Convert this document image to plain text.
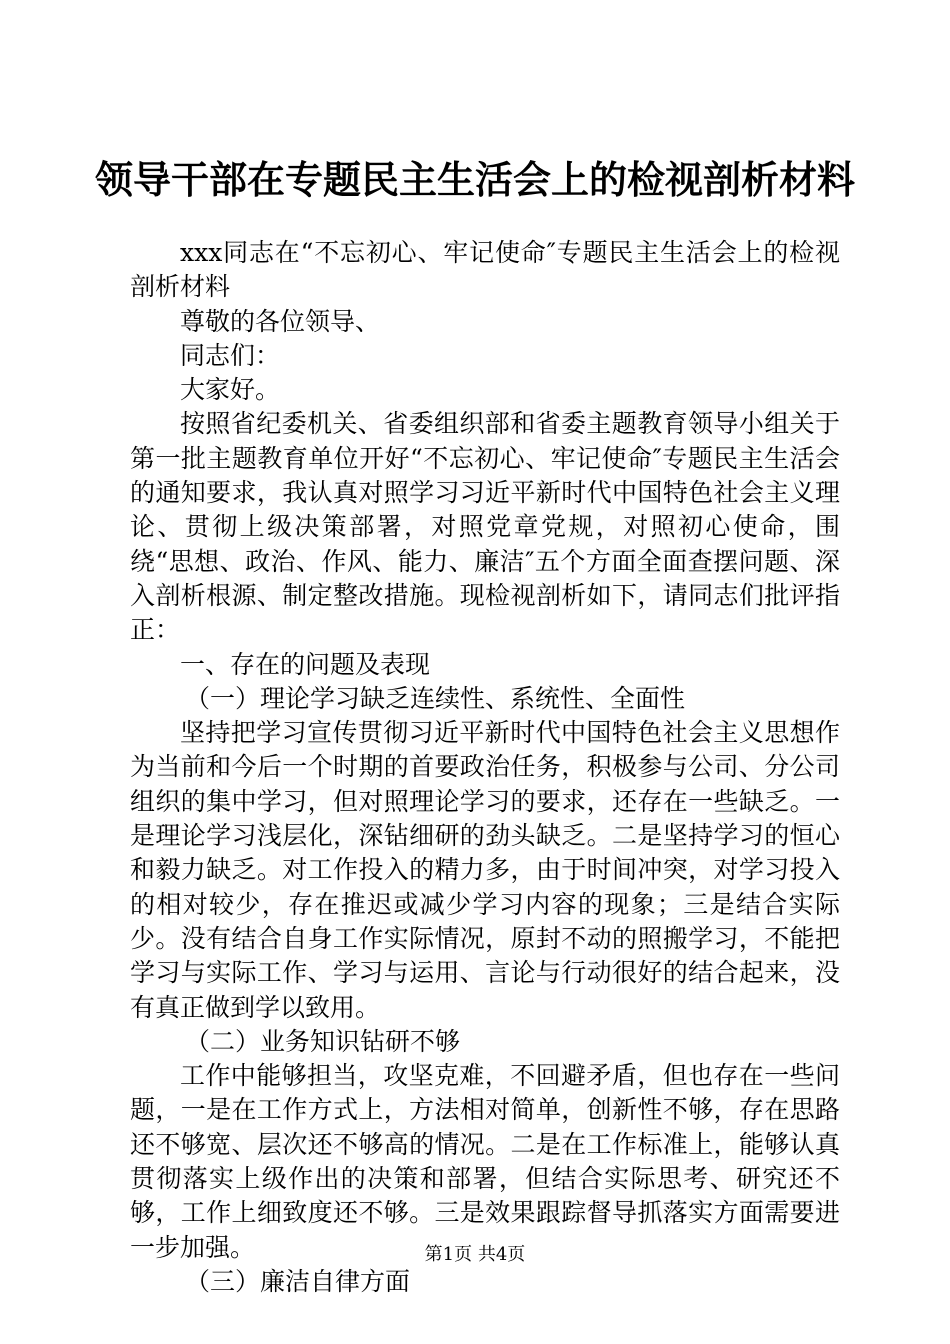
领导干部在专题民主生活会上的检视剖析材料

xxx同志在“不忘初心、牢记使命″专题民主生活会上的检视剖析材料

尊敬的各位领导、

同志们：

大家好。

按照省纪委机关、省委组织部和省委主题教育领导小组关于第一批主题教育单位开好“不忘初心、牢记使命″专题民主生活会的通知要求，我认真对照学习习近平新时代中国特色社会主义理论、贯彻上级决策部署，对照党章党规，对照初心使命，围绕“思想、政治、作风、能力、廉洁″五个方面全面查摆问题、深入剖析根源、制定整改措施。现检视剖析如下，请同志们批评指正：

一、存在的问题及表现

（一）理论学习缺乏连续性、系统性、全面性

坚持把学习宣传贯彻习近平新时代中国特色社会主义思想作为当前和今后一个时期的首要政治任务，积极参与公司、分公司组织的集中学习，但对照理论学习的要求，还存在一些缺乏。一是理论学习浅层化，深钻细研的劲头缺乏。二是坚持学习的恒心和毅力缺乏。对工作投入的精力多，由于时间冲突，对学习投入的相对较少，存在推迟或减少学习内容的现象；三是结合实际少。没有结合自身工作实际情况，原封不动的照搬学习，不能把学习与实际工作、学习与运用、言论与行动很好的结合起来，没有真正做到学以致用。

（二）业务知识钻研不够

工作中能够担当，攻坚克难，不回避矛盾，但也存在一些问题，一是在工作方式上，方法相对简单，创新性不够，存在思路还不够宽、层次还不够高的情况。二是在工作标准上，能够认真贯彻落实上级作出的决策和部署，但结合实际思考、研究还不够，工作上细致度还不够。三是效果跟踪督导抓落实方面需要进一步加强。

（三）廉洁自律方面

第1页 共4页
